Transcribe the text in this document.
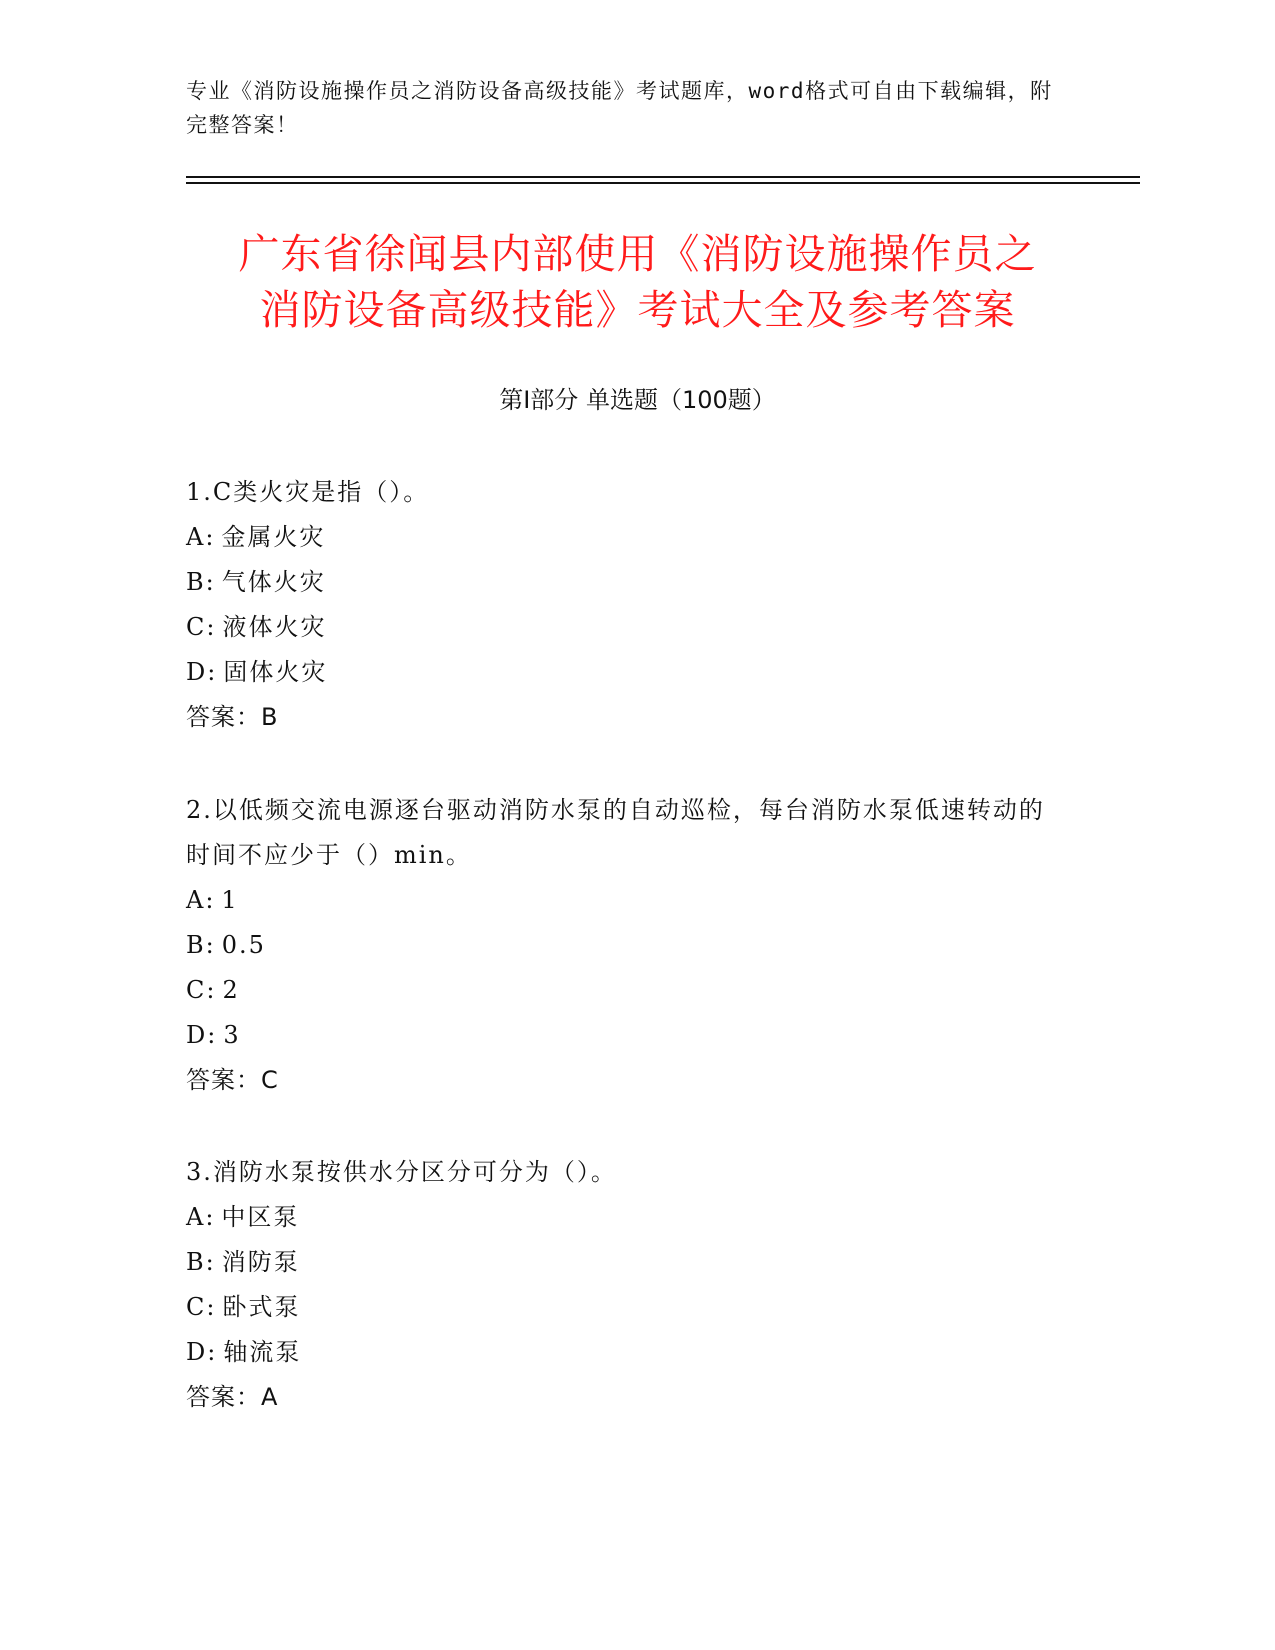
专业《消防设施操作员之消防设备高级技能》考试题库，word格式可自由下载编辑，附完整答案！
广东省徐闻县内部使用《消防设施操作员之
消防设备高级技能》考试大全及参考答案
第Ⅰ部分 单选题（100题）
1.C类火灾是指（）。
A: 金属火灾
B: 气体火灾
C: 液体火灾
D: 固体火灾
答案：B
2.以低频交流电源逐台驱动消防水泵的自动巡检，每台消防水泵低速转动的时间不应少于（）min。
A: 1
B: 0.5
C: 2
D: 3
答案：C
3.消防水泵按供水分区分可分为（）。
A: 中区泵
B: 消防泵
C: 卧式泵
D: 轴流泵
答案：A
